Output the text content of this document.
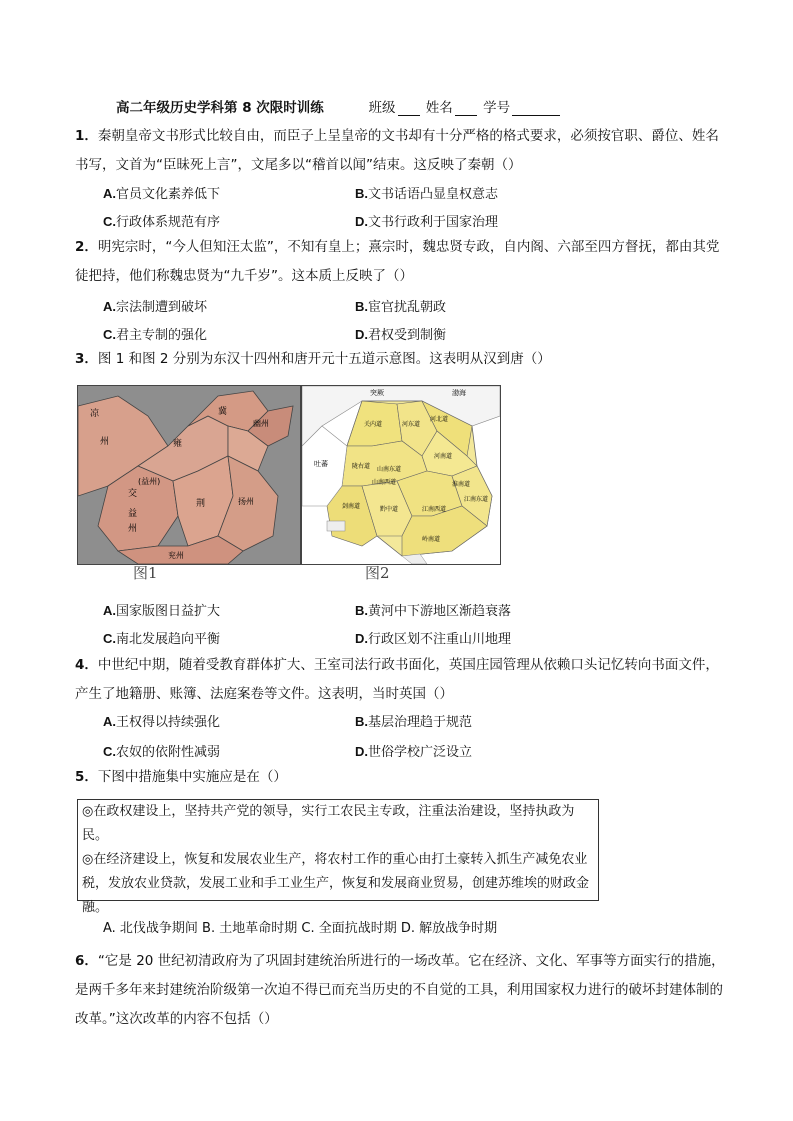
高二年级历史学科第 8 次限时训练	班级 姓名 学号
1．秦朝皇帝文书形式比较自由，而臣子上呈皇帝的文书却有十分严格的格式要求，必须按官职、爵位、姓名书写，文首为“臣昧死上言”，文尾多以“稽首以闻”结束。这反映了秦朝（）
A.官员文化素养低下	B.文书话语凸显皇权意志
C.行政体系规范有序	D.文书行政利于国家治理
2．明宪宗时，“今人但知汪太监”，不知有皇上；熹宗时，魏忠贤专政，自内阁、六部至四方督抚，都由其党徒把持，他们称魏忠贤为“九千岁”。这本质上反映了（）
A.宗法制遭到破坏	B.宦官扰乱朝政
C.君主专制的强化	D.君权受到制衡
3．图 1 和图 2 分别为东汉十四州和唐开元十五道示意图。这表明从汉到唐（）
凉
州	雍
冀
幽州
(益州)
交
荆	扬州
益
州
兖州
突厥	渤海
关内道
河北道
河东道
河南道
陇右道
吐蕃
山南东道
山南西道	淮南道
剑南道	黔中道
江南东道
江南西道
岭南道
图1	图2
A.国家版图日益扩大	B.黄河中下游地区渐趋衰落
C.南北发展趋向平衡	D.行政区划不注重山川地理
4．中世纪中期，随着受教育群体扩大、王室司法行政书面化，英国庄园管理从依赖口头记忆转向书面文件，产生了地籍册、账簿、法庭案卷等文件。这表明，当时英国（）
A.王权得以持续强化	B.基层治理趋于规范
C.农奴的依附性减弱	D.世俗学校广泛设立
5．下图中措施集中实施应是在（）

◎在政权建设上，坚持共产党的领导，实行工农民主专政，注重法治建设，坚持执政为民。

◎在经济建设上，恢复和发展农业生产，将农村工作的重心由打土豪转入抓生产减免农业税，发放农业贷款，发展工业和手工业生产，恢复和发展商业贸易，创建苏维埃的财政金融。

A. 北伐战争期间 B. 土地革命时期 C. 全面抗战时期 D. 解放战争时期
6．“它是 20 世纪初清政府为了巩固封建统治所进行的一场改革。它在经济、文化、军事等方面实行的措施，是两千多年来封建统治阶级第一次迫不得已而充当历史的不自觉的工具，利用国家权力进行的破坏封建体制的改革。”这次改革的内容不包括（）
